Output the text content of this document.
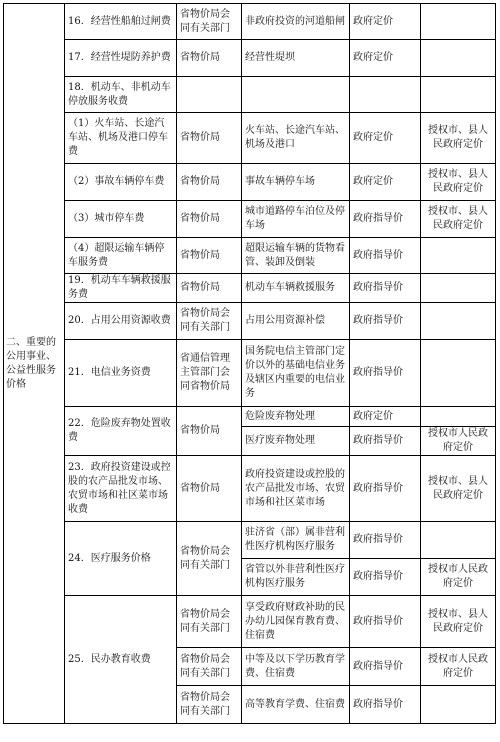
二、重要的公用事业、公益性服务价格	16．经营性船舶过闸费	省物价局会同有关部门	非政府投资的河道船闸	政府定价	
	17．经营性堤防养护费	省物价局	经营性堤坝	政府定价	
	18．机动车、非机动车停放服务收费				
	（1）火车站、长途汽车站、机场及港口停车费	省物价局	火车站、长途汽车站、机场及港口	政府定价	授权市、县人民政府定价
	（2）事故车辆停车费	省物价局	事故车辆停车场	政府定价	授权市、县人民政府定价
	（3）城市停车费	省物价局	城市道路停车泊位及停车场	政府指导价	授权市、县人民政府定价
	（4）超限运输车辆停车服务费	省物价局	超限运输车辆的货物看管、装卸及倒装	政府指导价	
	19．机动车车辆救援服务费	省物价局	机动车车辆救援服务	政府指导价	
	20．占用公用资源收费	省物价局会同有关部门	占用公用资源补偿	政府指导价	
	21．电信业务资费	省通信管理主管部门会同省物价局	国务院电信主管部门定价以外的基础电信业务及辖区内重要的电信业务	政府指导价	
	22．危险废弃物处置收费	省物价局	危险废弃物处理	政府定价	
			医疗废弃物处理	政府指导价	授权市人民政府定价
	23．政府投资建设或控股的农产品批发市场、农贸市场和社区菜市场收费	省物价局	政府投资建设或控股的农产品批发市场、农贸市场和社区菜市场	政府指导价	授权市、县人民政府定价
	24．医疗服务价格	省物价局会同有关部门	驻济省（部）属非营利性医疗机构医疗服务	政府指导价	
			省管以外非营利性医疗机构医疗服务	政府指导价	授权市人民政府定价
	25．民办教育收费	省物价局会同有关部门	享受政府财政补助的民办幼儿园保育教育费、住宿费	政府指导价	授权市、县人民政府定价
		省物价局会同有关部门	中等及以下学历教育学费、住宿费	政府指导价	授权市人民政府定价
		省物价局会同有关部门	高等教育学费、住宿费	政府指导价	
